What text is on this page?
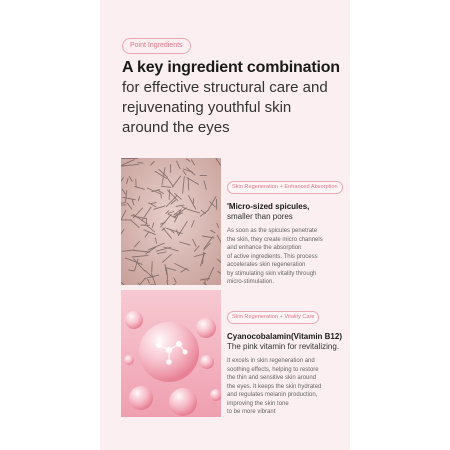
Point Ingredients
A key ingredient combination
for effective structural care and
rejuvenating youthful skin
around the eyes
Skin Regeneration + Enhanced Absorption
'Micro-sized spicules,
smaller than pores
As soon as the spicules penetrate
the skin, they create micro channels
and enhance the absorption
of active ingredients. This process
accelerates skin regeneration
by stimulating skin vitality through
micro-stimulation.
Skin Regeneration + Vitality Care
Cyanocobalamin(Vitamin B12)
The pink vitamin for revitalizing.
It excels in skin regeneration and
soothing effects, helping to restore
the thin and sensitive skin around
the eyes. It keeps the skin hydrated
and regulates melanin production,
improving the skin tone
to be more vibrant
